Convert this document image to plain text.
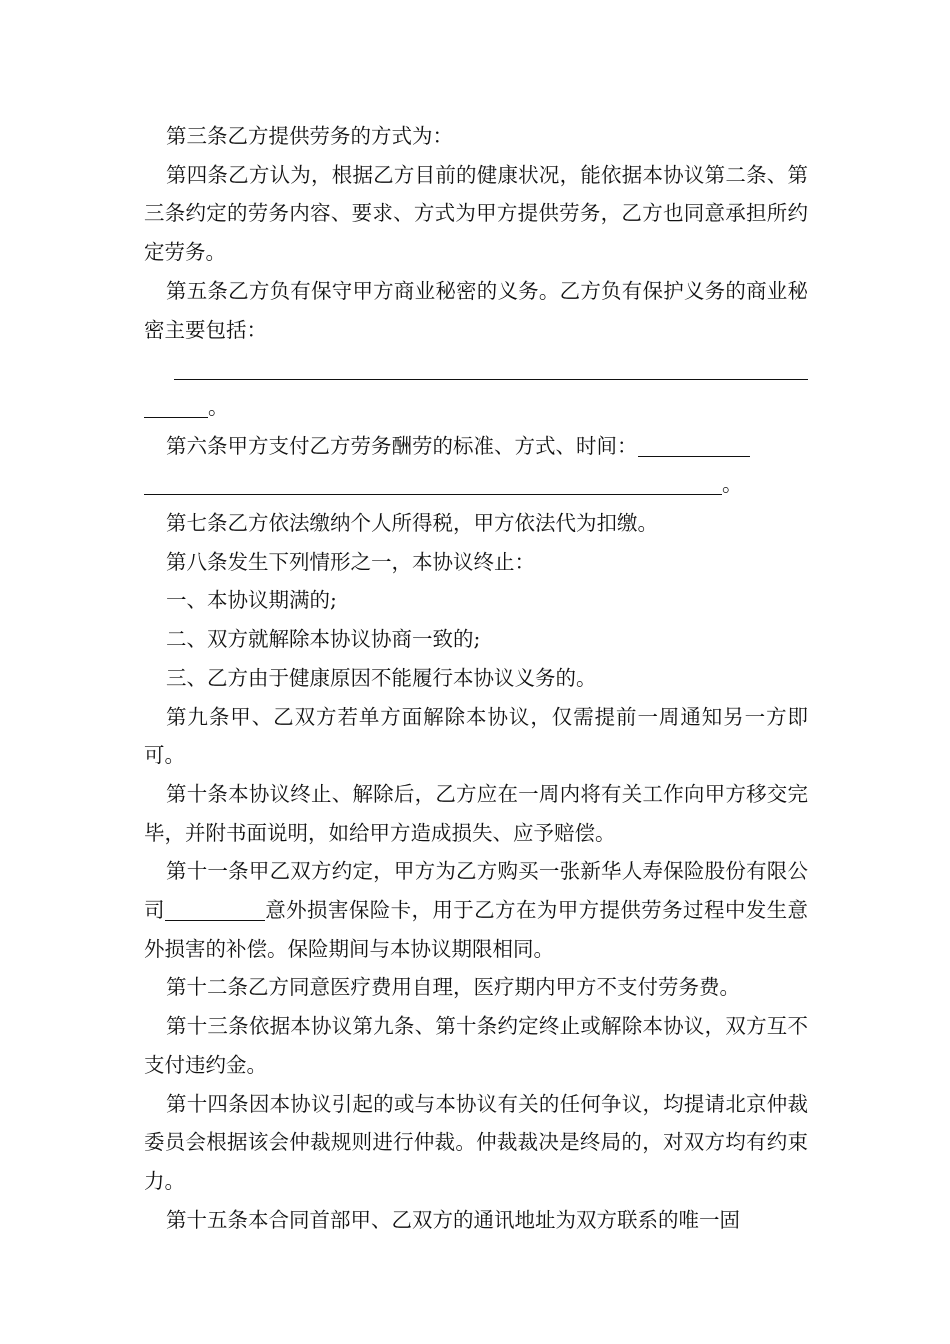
第三条乙方提供劳务的方式为：

第四条乙方认为，根据乙方目前的健康状况，能依据本协议第二条、第三条约定的劳务内容、要求、方式为甲方提供劳务，乙方也同意承担所约定劳务。

第五条乙方负有保守甲方商业秘密的义务。乙方负有保护义务的商业秘密主要包括：

。

第六条甲方支付乙方劳务酬劳的标准、方式、时间：

。

第七条乙方依法缴纳个人所得税，甲方依法代为扣缴。

第八条发生下列情形之一，本协议终止：

一、本协议期满的;

二、双方就解除本协议协商一致的;

三、乙方由于健康原因不能履行本协议义务的。

第九条甲、乙双方若单方面解除本协议，仅需提前一周通知另一方即可。

第十条本协议终止、解除后，乙方应在一周内将有关工作向甲方移交完毕，并附书面说明，如给甲方造成损失、应予赔偿。

第十一条甲乙双方约定，甲方为乙方购买一张新华人寿保险股份有限公司	意外损害保险卡，用于乙方在为甲方提供劳务过程中发生意外损害的补偿。保险期间与本协议期限相同。

第十二条乙方同意医疗费用自理，医疗期内甲方不支付劳务费。

第十三条依据本协议第九条、第十条约定终止或解除本协议，双方互不支付违约金。

第十四条因本协议引起的或与本协议有关的任何争议，均提请北京仲裁委员会根据该会仲裁规则进行仲裁。仲裁裁决是终局的，对双方均有约束力。

第十五条本合同首部甲、乙双方的通讯地址为双方联系的唯一固
